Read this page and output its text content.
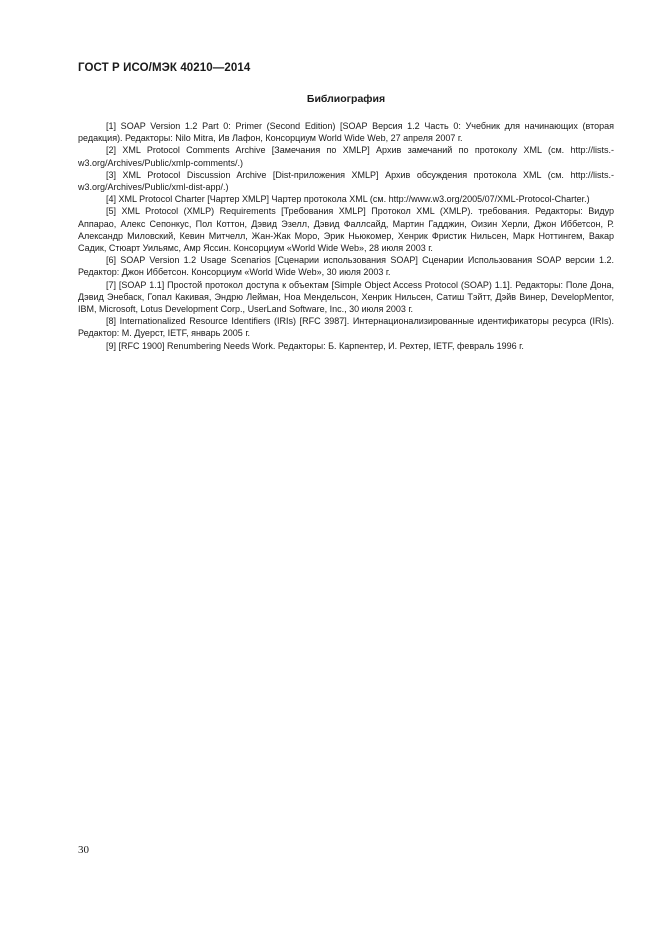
ГОСТ Р ИСО/МЭК 40210—2014
Библиография
[1] SOAP Version 1.2 Part 0: Primer (Second Edition) [SOAP Версия 1.2 Часть 0: Учебник для начинающих (вторая редакция). Редакторы: Nilo Mitra, Ив Лафон, Консорциум World Wide Web, 27 апреля 2007 г.
[2] XML Protocol Comments Archive [Замечания по XMLP] Архив замечаний по протоколу XML (см. http://lists.w3.org/Archives/Public/xmlp-comments/.)
[3] XML Protocol Discussion Archive [Dist-приложения XMLP] Архив обсуждения протокола XML (см. http://lists.w3.org/Archives/Public/xml-dist-app/.)
[4] XML Protocol Charter [Чартер XMLP] Чартер протокола XML (см. http://www.w3.org/2005/07/XML-Protocol-Charter.)
[5] XML Protocol (XMLP) Requirements [Требования XMLP] Протокол XML (XMLP). требования. Редакторы: Видур Аппарао, Алекс Сепонкус, Пол Коттон, Дэвид Эзелл, Дэвид Фаллсайд, Мартин Гадджин, Оизин Херли, Джон Иббетсон, Р. Александр Миловский, Кевин Митчелл, Жан-Жак Моро, Эрик Ньюкомер, Хенрик Фристик Нильсен, Марк Ноттингем, Вакар Садик, Стюарт Уильямс, Амр Яссин. Консорциум «World Wide Web», 28 июля 2003 г.
[6] SOAP Version 1.2 Usage Scenarios [Сценарии использования SOAP] Сценарии Использования SOAP версии 1.2. Редактор: Джон Иббетсон. Консорциум «World Wide Web», 30 июля 2003 г.
[7] [SOAP 1.1] Простой протокол доступа к объектам [Simple Object Access Protocol (SOAP) 1.1]. Редакторы: Поле Дона, Дэвид Энебаск, Гопал Какивая, Эндрю Лейман, Ноа Мендельсон, Хенрик Нильсен, Сатиш Тэйтт, Дэйв Винер, DevelopMentor, IBM, Microsoft, Lotus Development Corp., UserLand Software, Inc., 30 июля 2003 г.
[8] Internationalized Resource Identifiers (IRIs) [RFC 3987]. Интернационализированные идентификаторы ресурса (IRIs). Редактор: М. Дуерст, IETF, январь 2005 г.
[9] [RFC 1900] Renumbering Needs Work. Редакторы: Б. Карпентер, И. Рехтер, IETF, февраль 1996 г.
30
